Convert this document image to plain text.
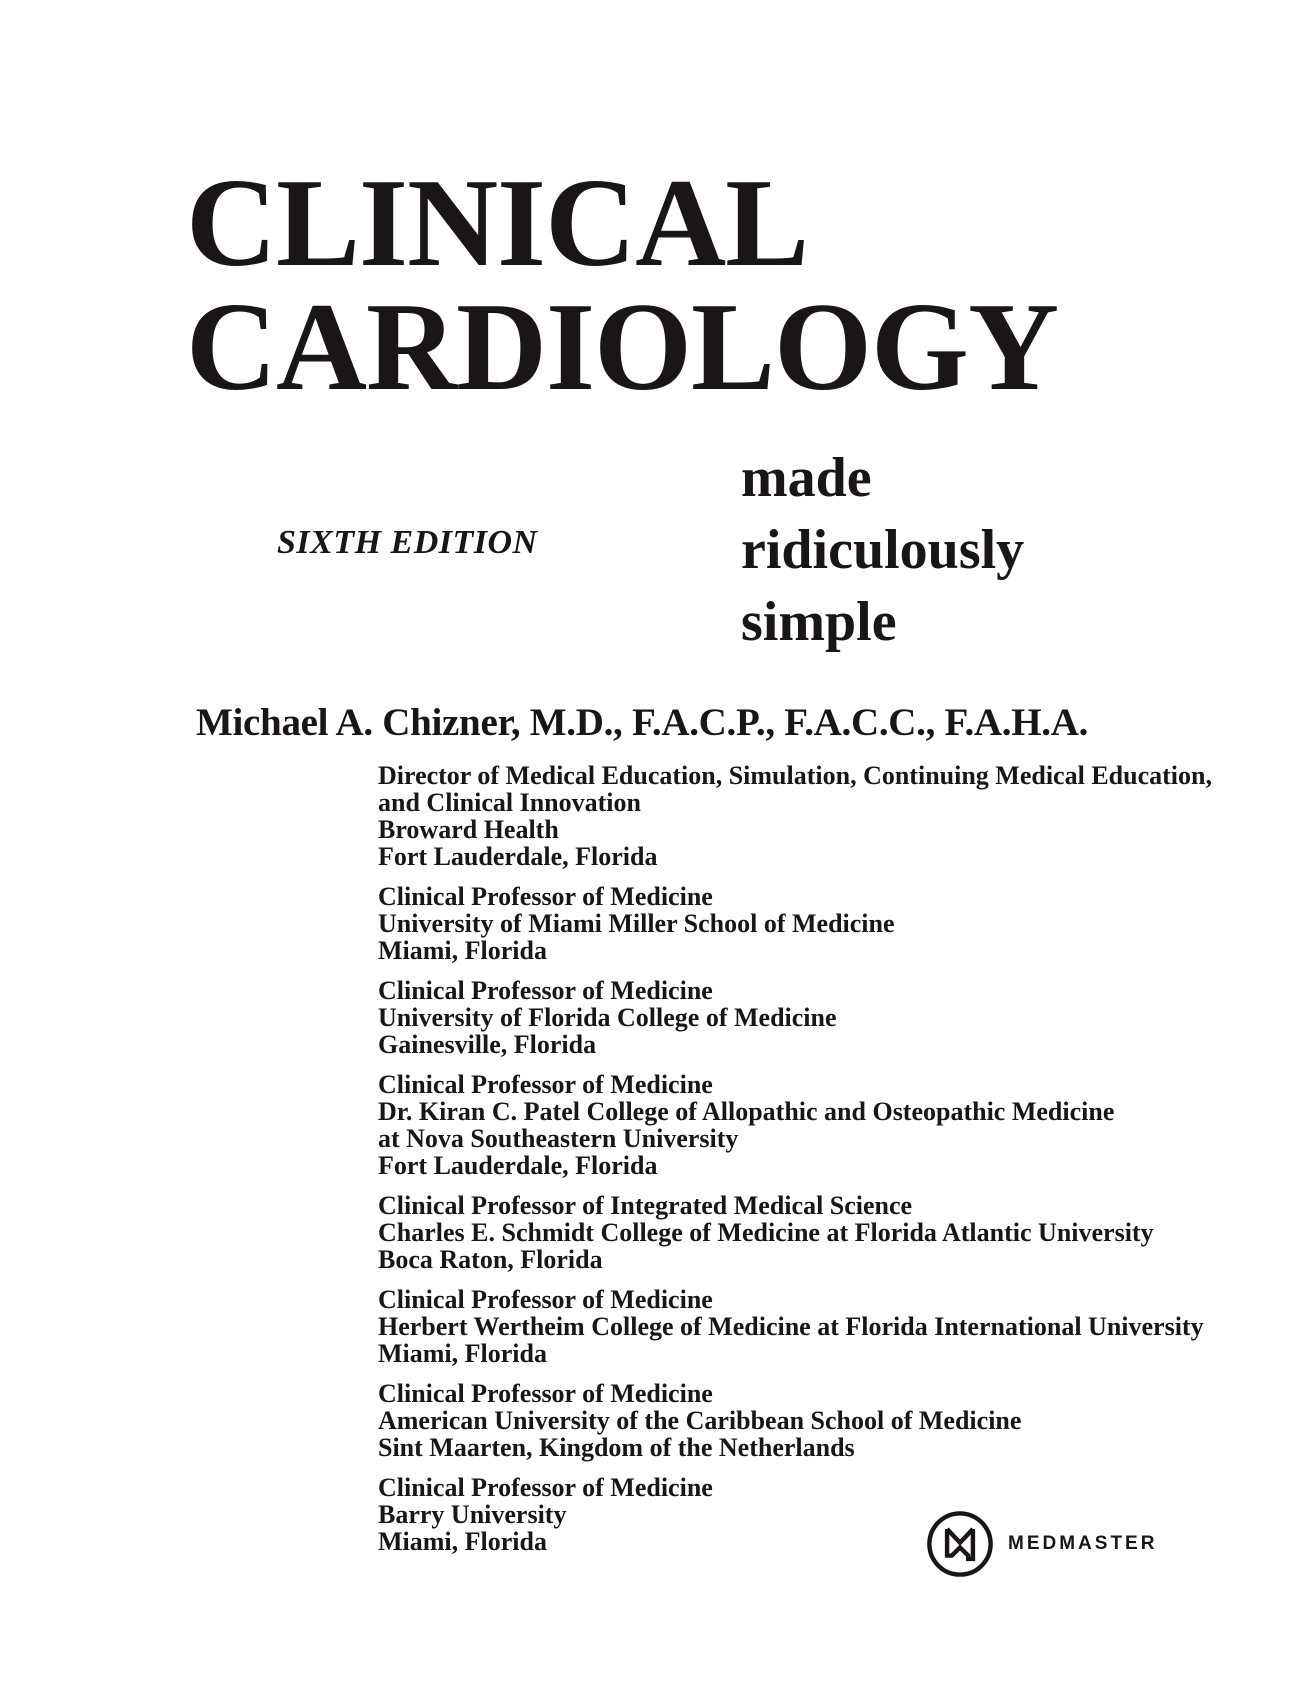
CLINICAL
CARDIOLOGY
SIXTH EDITION
made
ridiculously
simple
Michael A. Chizner, M.D., F.A.C.P., F.A.C.C., F.A.H.A.
Director of Medical Education, Simulation, Continuing Medical Education,
and Clinical Innovation
Broward Health
Fort Lauderdale, Florida
Clinical Professor of Medicine
University of Miami Miller School of Medicine
Miami, Florida
Clinical Professor of Medicine
University of Florida College of Medicine
Gainesville, Florida
Clinical Professor of Medicine
Dr. Kiran C. Patel College of Allopathic and Osteopathic Medicine
at Nova Southeastern University
Fort Lauderdale, Florida
Clinical Professor of Integrated Medical Science
Charles E. Schmidt College of Medicine at Florida Atlantic University
Boca Raton, Florida
Clinical Professor of Medicine
Herbert Wertheim College of Medicine at Florida International University
Miami, Florida
Clinical Professor of Medicine
American University of the Caribbean School of Medicine
Sint Maarten, Kingdom of the Netherlands
Clinical Professor of Medicine
Barry University
Miami, Florida	MEDMASTER
